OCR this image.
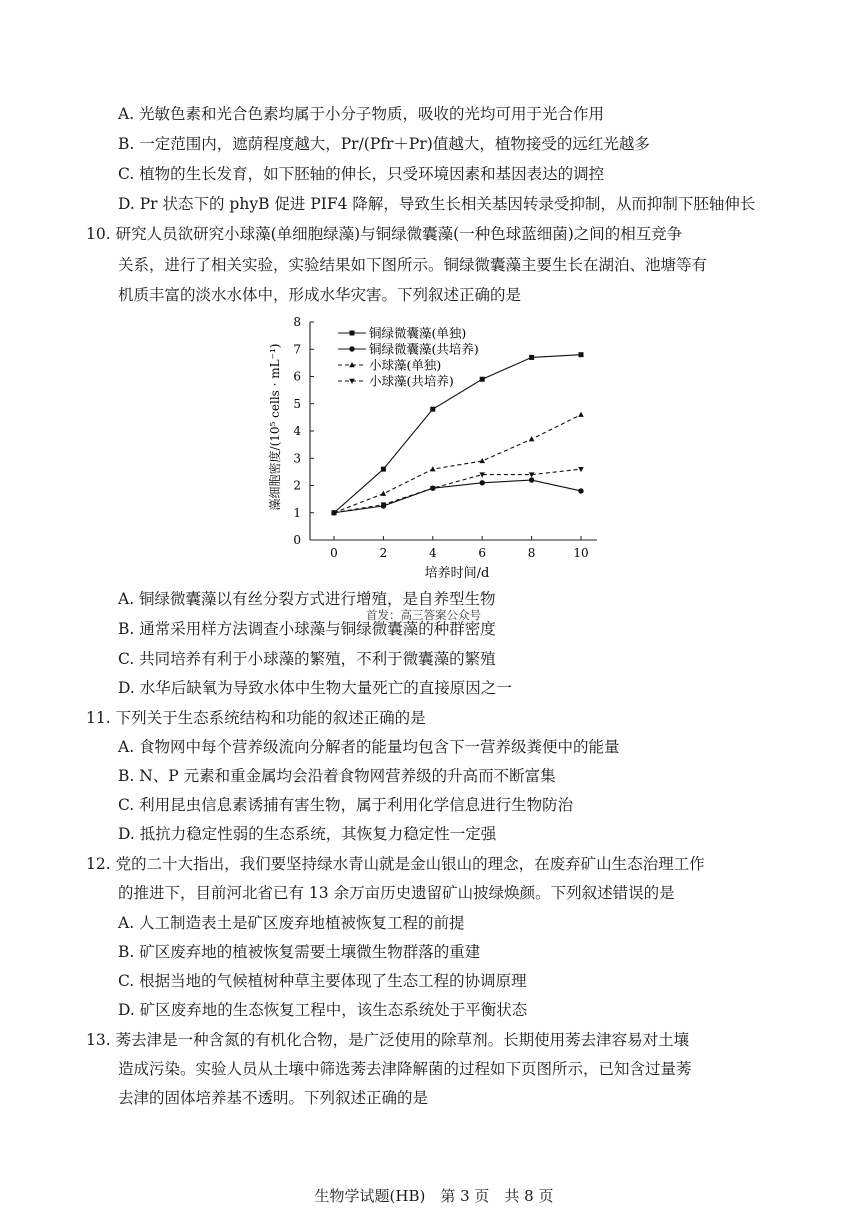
A. 光敏色素和光合色素均属于小分子物质，吸收的光均可用于光合作用
B. 一定范围内，遮荫程度越大，Pr/(Pfr＋Pr)值越大，植物接受的远红光越多
C. 植物的生长发育，如下胚轴的伸长，只受环境因素和基因表达的调控
D. Pr 状态下的 phyB 促进 PIF4 降解，导致生长相关基因转录受抑制，从而抑制下胚轴伸长
10. 研究人员欲研究小球藻(单细胞绿藻)与铜绿微囊藻(一种色球蓝细菌)之间的相互竞争
关系，进行了相关实验，实验结果如下图所示。铜绿微囊藻主要生长在湖泊、池塘等有
机质丰富的淡水水体中，形成水华灾害。下列叙述正确的是
藻细胞密度/(10⁵ cells · mL⁻¹)
0
1
2
3
4
5
6
7
8
0	2	4	6	8	10
铜绿微囊藻(单独)
铜绿微囊藻(共培养)
小球藻(单独)
小球藻(共培养)
培养时间/d
首发：高三答案公众号
A. 铜绿微囊藻以有丝分裂方式进行增殖，是自养型生物
B. 通常采用样方法调查小球藻与铜绿微囊藻的种群密度
C. 共同培养有利于小球藻的繁殖，不利于微囊藻的繁殖
D. 水华后缺氧为导致水体中生物大量死亡的直接原因之一
11. 下列关于生态系统结构和功能的叙述正确的是
A. 食物网中每个营养级流向分解者的能量均包含下一营养级粪便中的能量
B. N、P 元素和重金属均会沿着食物网营养级的升高而不断富集
C. 利用昆虫信息素诱捕有害生物，属于利用化学信息进行生物防治
D. 抵抗力稳定性弱的生态系统，其恢复力稳定性一定强
12. 党的二十大指出，我们要坚持绿水青山就是金山银山的理念，在废弃矿山生态治理工作
的推进下，目前河北省已有 13 余万亩历史遗留矿山披绿焕颜。下列叙述错误的是
A. 人工制造表土是矿区废弃地植被恢复工程的前提
B. 矿区废弃地的植被恢复需要土壤微生物群落的重建
C. 根据当地的气候植树种草主要体现了生态工程的协调原理
D. 矿区废弃地的生态恢复工程中，该生态系统处于平衡状态
13. 莠去津是一种含氮的有机化合物，是广泛使用的除草剂。长期使用莠去津容易对土壤
造成污染。实验人员从土壤中筛选莠去津降解菌的过程如下页图所示，已知含过量莠
去津的固体培养基不透明。下列叙述正确的是
生物学试题(HB)　第 3 页　共 8 页
